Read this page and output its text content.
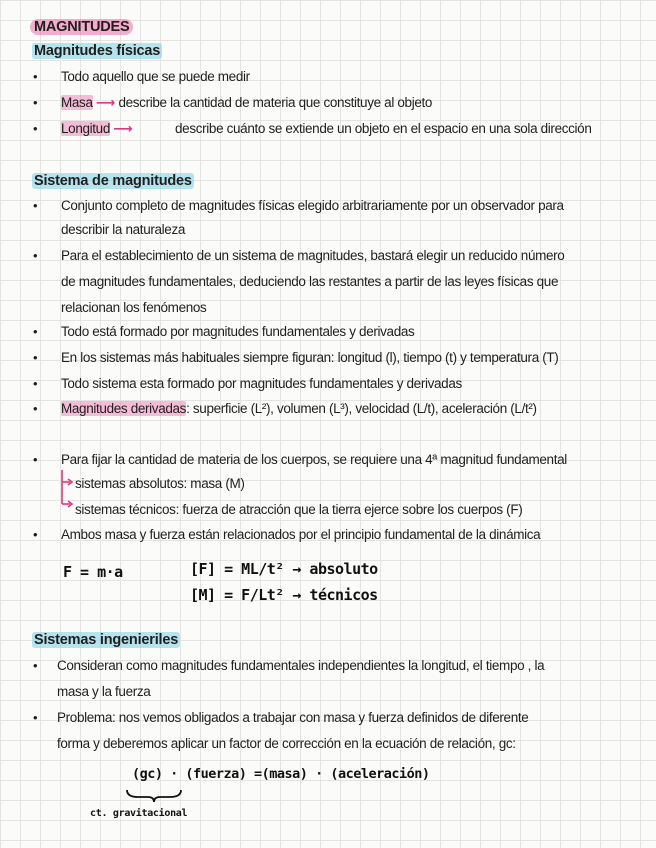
MAGNITUDES
Magnitudes físicas
• Todo aquello que se puede medir
• Masa ⟶ describe la cantidad de materia que constituye al objeto
• Longitud ⟶	describe cuánto se extiende un objeto en el espacio en una sola dirección
Sistema de magnitudes
• Conjunto completo de magnitudes físicas elegido arbitrariamente por un observador para
describir la naturaleza
• Para el establecimiento de un sistema de magnitudes, bastará elegir un reducido número
de magnitudes fundamentales, deduciendo las restantes a partir de las leyes físicas que
relacionan los fenómenos
• Todo está formado por magnitudes fundamentales y derivadas
• En los sistemas más habituales siempre figuran: longitud (l), tiempo (t) y temperatura (T)
• Todo sistema esta formado por magnitudes fundamentales y derivadas
• Magnitudes derivadas: superficie (L²), volumen (L³), velocidad (L/t), aceleración (L/t²)
• Para fijar la cantidad de materia de los cuerpos, se requiere una 4ª magnitud fundamental
sistemas absolutos: masa (M)
sistemas técnicos: fuerza de atracción que la tierra ejerce sobre los cuerpos (F)
• Ambos masa y fuerza están relacionados por el principio fundamental de la dinámica
F = m·a	[F] = ML/t² → absoluto
[M] = F/Lt² → técnicos
Sistemas ingenieriles
• Consideran como magnitudes fundamentales independientes la longitud, el tiempo , la
masa y la fuerza
• Problema: nos vemos obligados a trabajar con masa y fuerza definidos de diferente
forma y deberemos aplicar un factor de corrección en la ecuación de relación, gc:
(gc) · (fuerza) =(masa) · (aceleración)
ct. gravitacional
